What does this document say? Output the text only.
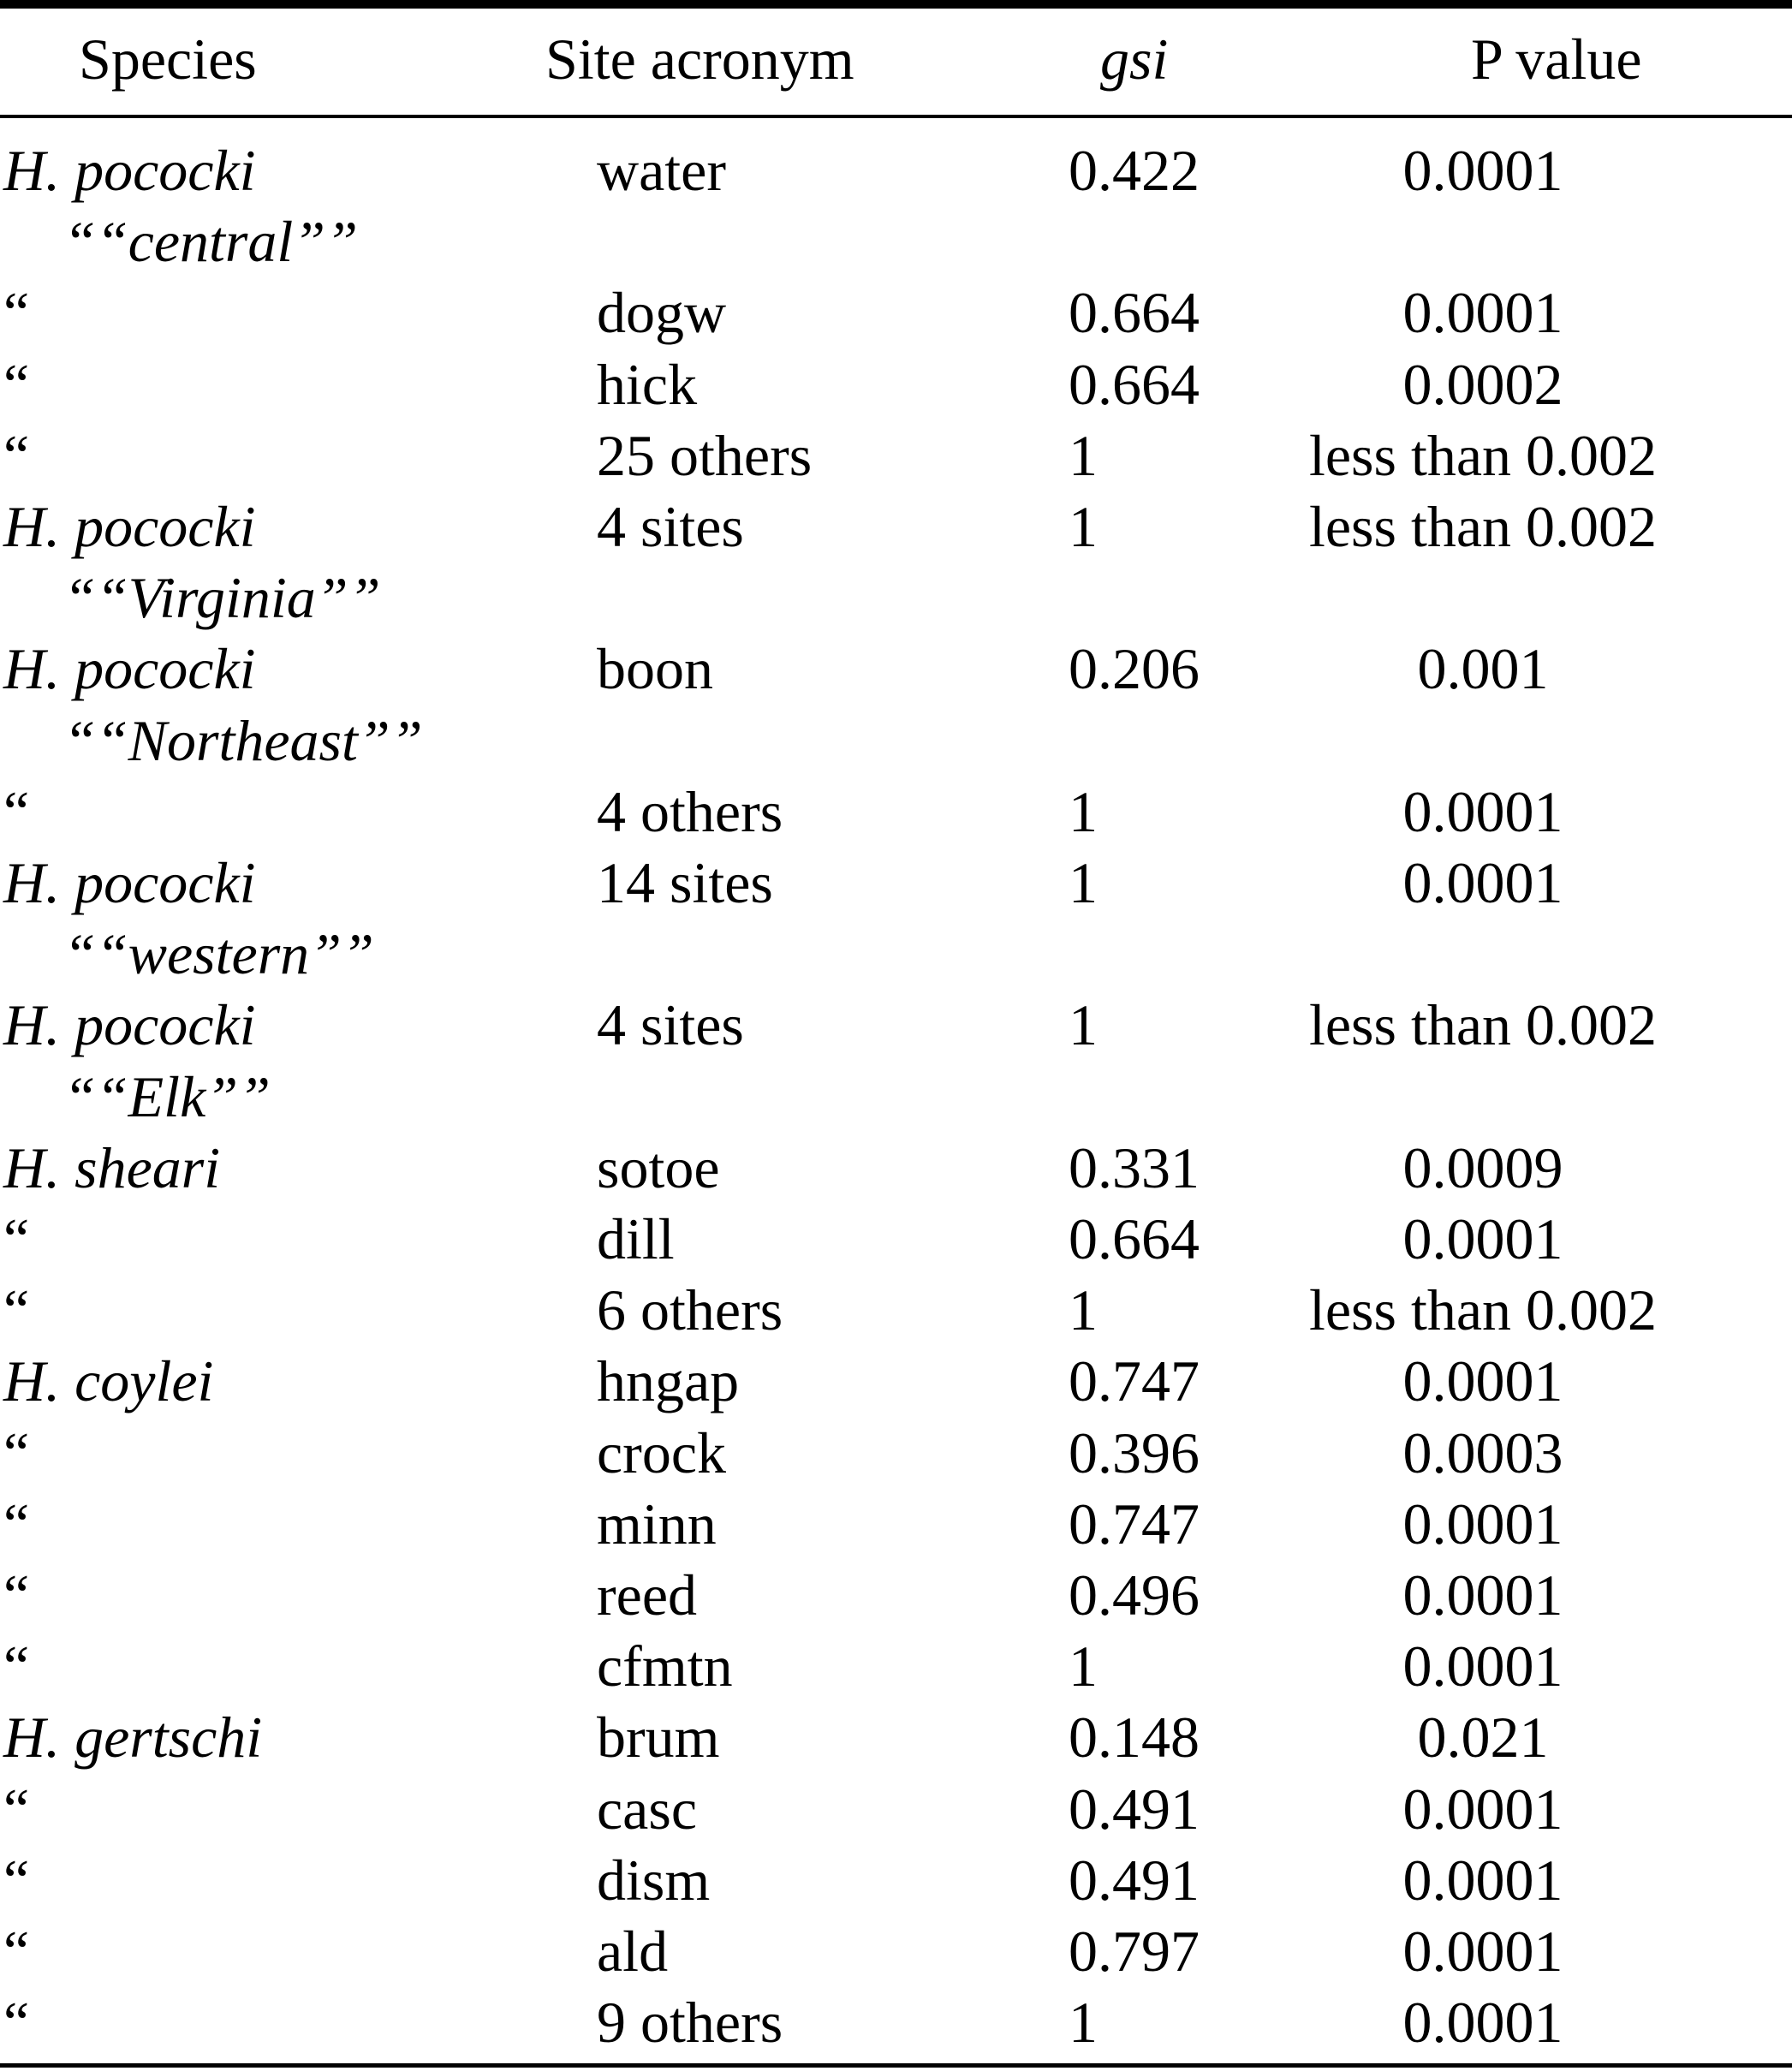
Species	Site acronym	gsi	P value
H. pococki	water	0.422	0.0001
““central””
“	dogw	0.664	0.0001
“	hick	0.664	0.0002
“	25 others	1	less than 0.002
H. pococki	4 sites	1	less than 0.002
““Virginia””
H. pococki	boon	0.206	0.001
““Northeast””
“	4 others	1	0.0001
H. pococki	14 sites	1	0.0001
““western””
H. pococki	4 sites	1	less than 0.002
““Elk””
H. sheari	sotoe	0.331	0.0009
“	dill	0.664	0.0001
“	6 others	1	less than 0.002
H. coylei	hngap	0.747	0.0001
“	crock	0.396	0.0003
“	minn	0.747	0.0001
“	reed	0.496	0.0001
“	cfmtn	1	0.0001
H. gertschi	brum	0.148	0.021
“	casc	0.491	0.0001
“	dism	0.491	0.0001
“	ald	0.797	0.0001
“	9 others	1	0.0001
